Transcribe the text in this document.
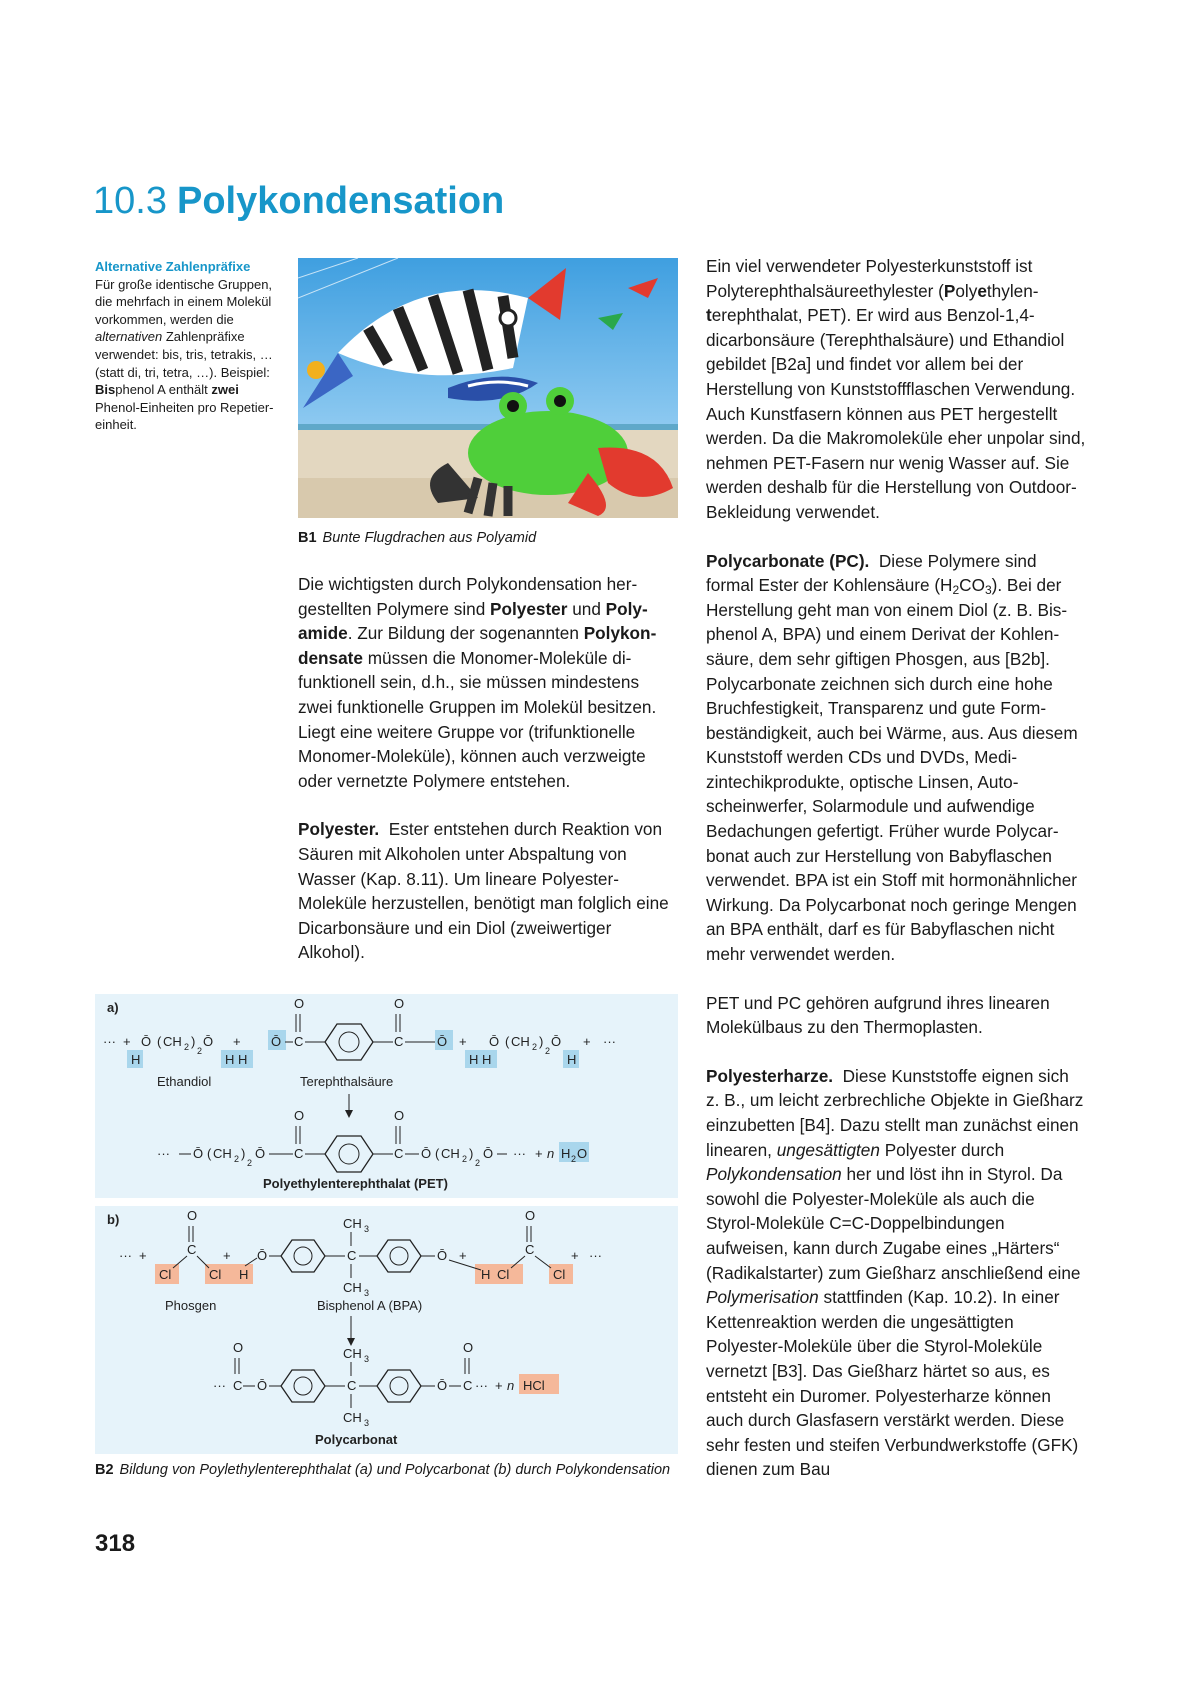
10.3 Polykondensation
Alternative Zahlenpräfixe
Für große identische Gruppen, die mehrfach in einem Molekül vorkommen, werden die alternativen Zahlenpräfixe verwendet: bis, tris, tetrakis, … (statt di, tri, tetra, …). Beispiel: Bisphenol A enthält zwei Phenol-Einheiten pro Repetiereinheit.
B1 Bunte Flugdrachen aus Polyamid

Die wichtigsten durch Polykondensation hergestellten Polymere sind Polyester und Polyamide. Zur Bildung der sogenannten Polykondensate müssen die Monomer-Moleküle difunktionell sein, d.h., sie müssen mindestens zwei funktionelle Gruppen im Molekül besitzen. Liegt eine weitere Gruppe vor (trifunktionelle Monomer-Moleküle), können auch verzweigte oder vernetzte Polymere entstehen.

Polyester. Ester entstehen durch Reaktion von Säuren mit Alkoholen unter Abspaltung von Wasser (Kap. 8.11). Um lineare Polyester-Moleküle herzustellen, benötigt man folglich eine Dicarbonsäure und ein Diol (zweiwertiger Alkohol).

Ein viel verwendeter Polyesterkunststoff ist Polyterephthalsäureethylester (Polyethylenterephthalat, PET). Er wird aus Benzol-1,4-dicarbonsäure (Terephthalsäure) und Ethandiol gebildet [B2a] und findet vor allem bei der Herstellung von Kunststoffflaschen Verwendung. Auch Kunstfasern können aus PET hergestellt werden. Da die Makromoleküle eher unpolar sind, nehmen PET-Fasern nur wenig Wasser auf. Sie werden deshalb für die Herstellung von Outdoor-Bekleidung verwendet.

Polycarbonate (PC). Diese Polymere sind formal Ester der Kohlensäure $(H_2CO_3)$. Bei der Herstellung geht man von einem Diol (z. B. Bisphenol A, BPA) und einem Derivat der Kohlensäure, dem sehr giftigen Phosgen, aus [B2b]. Polycarbonate zeichnen sich durch eine hohe Bruchfestigkeit, Transparenz und gute Formbeständigkeit, auch bei Wärme, aus. Aus diesem Kunststoff werden CDs und DVDs, Medizintechikprodukte, optische Linsen, Autoscheinwerfer, Solarmodule und aufwendige Bedachungen gefertigt. Früher wurde Polycarbonat auch zur Herstellung von Babyflaschen verwendet. BPA ist ein Stoff mit hormonähnlicher Wirkung. Da Polycarbonat noch geringe Mengen an BPA enthält, darf es für Babyflaschen nicht mehr verwendet werden.

PET und PC gehören aufgrund ihres linearen Molekülbaus zu den Thermoplasten.

Polyesterharze. Diese Kunststoffe eignen sich z. B., um leicht zerbrechliche Objekte in Gießharz einzubetten [B4]. Dazu stellt man zunächst einen linearen, ungesättigten Polyester durch Polykondensation her und löst ihn in Styrol. Da sowohl die Polyester-Moleküle als auch die Styrol-Moleküle C=C-Doppelbindungen aufweisen, kann durch Zugabe eines „Härters“ (Radikalstarter) zum Gießharz anschließend eine Polymerisation stattfinden (Kap. 10.2). In einer Kettenreaktion werden die ungesättigten Polyester-Moleküle über die Styrol-Moleküle vernetzt [B3]. Das Gießharz härtet so aus, es entsteht ein Duromer. Polyesterharze können auch durch Glasfasern verstärkt werden. Diese sehr festen und steifen Verbundwerkstoffe (GFK) dienen zum Bau

a)
··· + Ō ( CH 2 )
2
Ō
H	H H
+ Ō C
O
C
O
Ō +
H H
Ō ( CH 2 )
2
Ō
H
+ ···
Ethandiol	Terephthalsäure
··· Ō ( CH 2 )
2
Ō C
O
C
O
Ō ( CH 2 )
2
Ō ··· + n H 2 O
Polyethylenterephthalat (PET)
b)
··· +
Cl
C
O
Cl
+
H
Ō	C
CH 3
CH 3
Ō +
H Cl
C
O
Cl
+ ···
Phosgen	Bisphenol A (BPA)
··· C
O
Ō	C
CH 3
CH 3
Ō C
O
··· + n HCl
Polycarbonat
B2 Bildung von Poylethylenterephthalat (a) und Polycarbonat (b) durch Polykondensation
318
